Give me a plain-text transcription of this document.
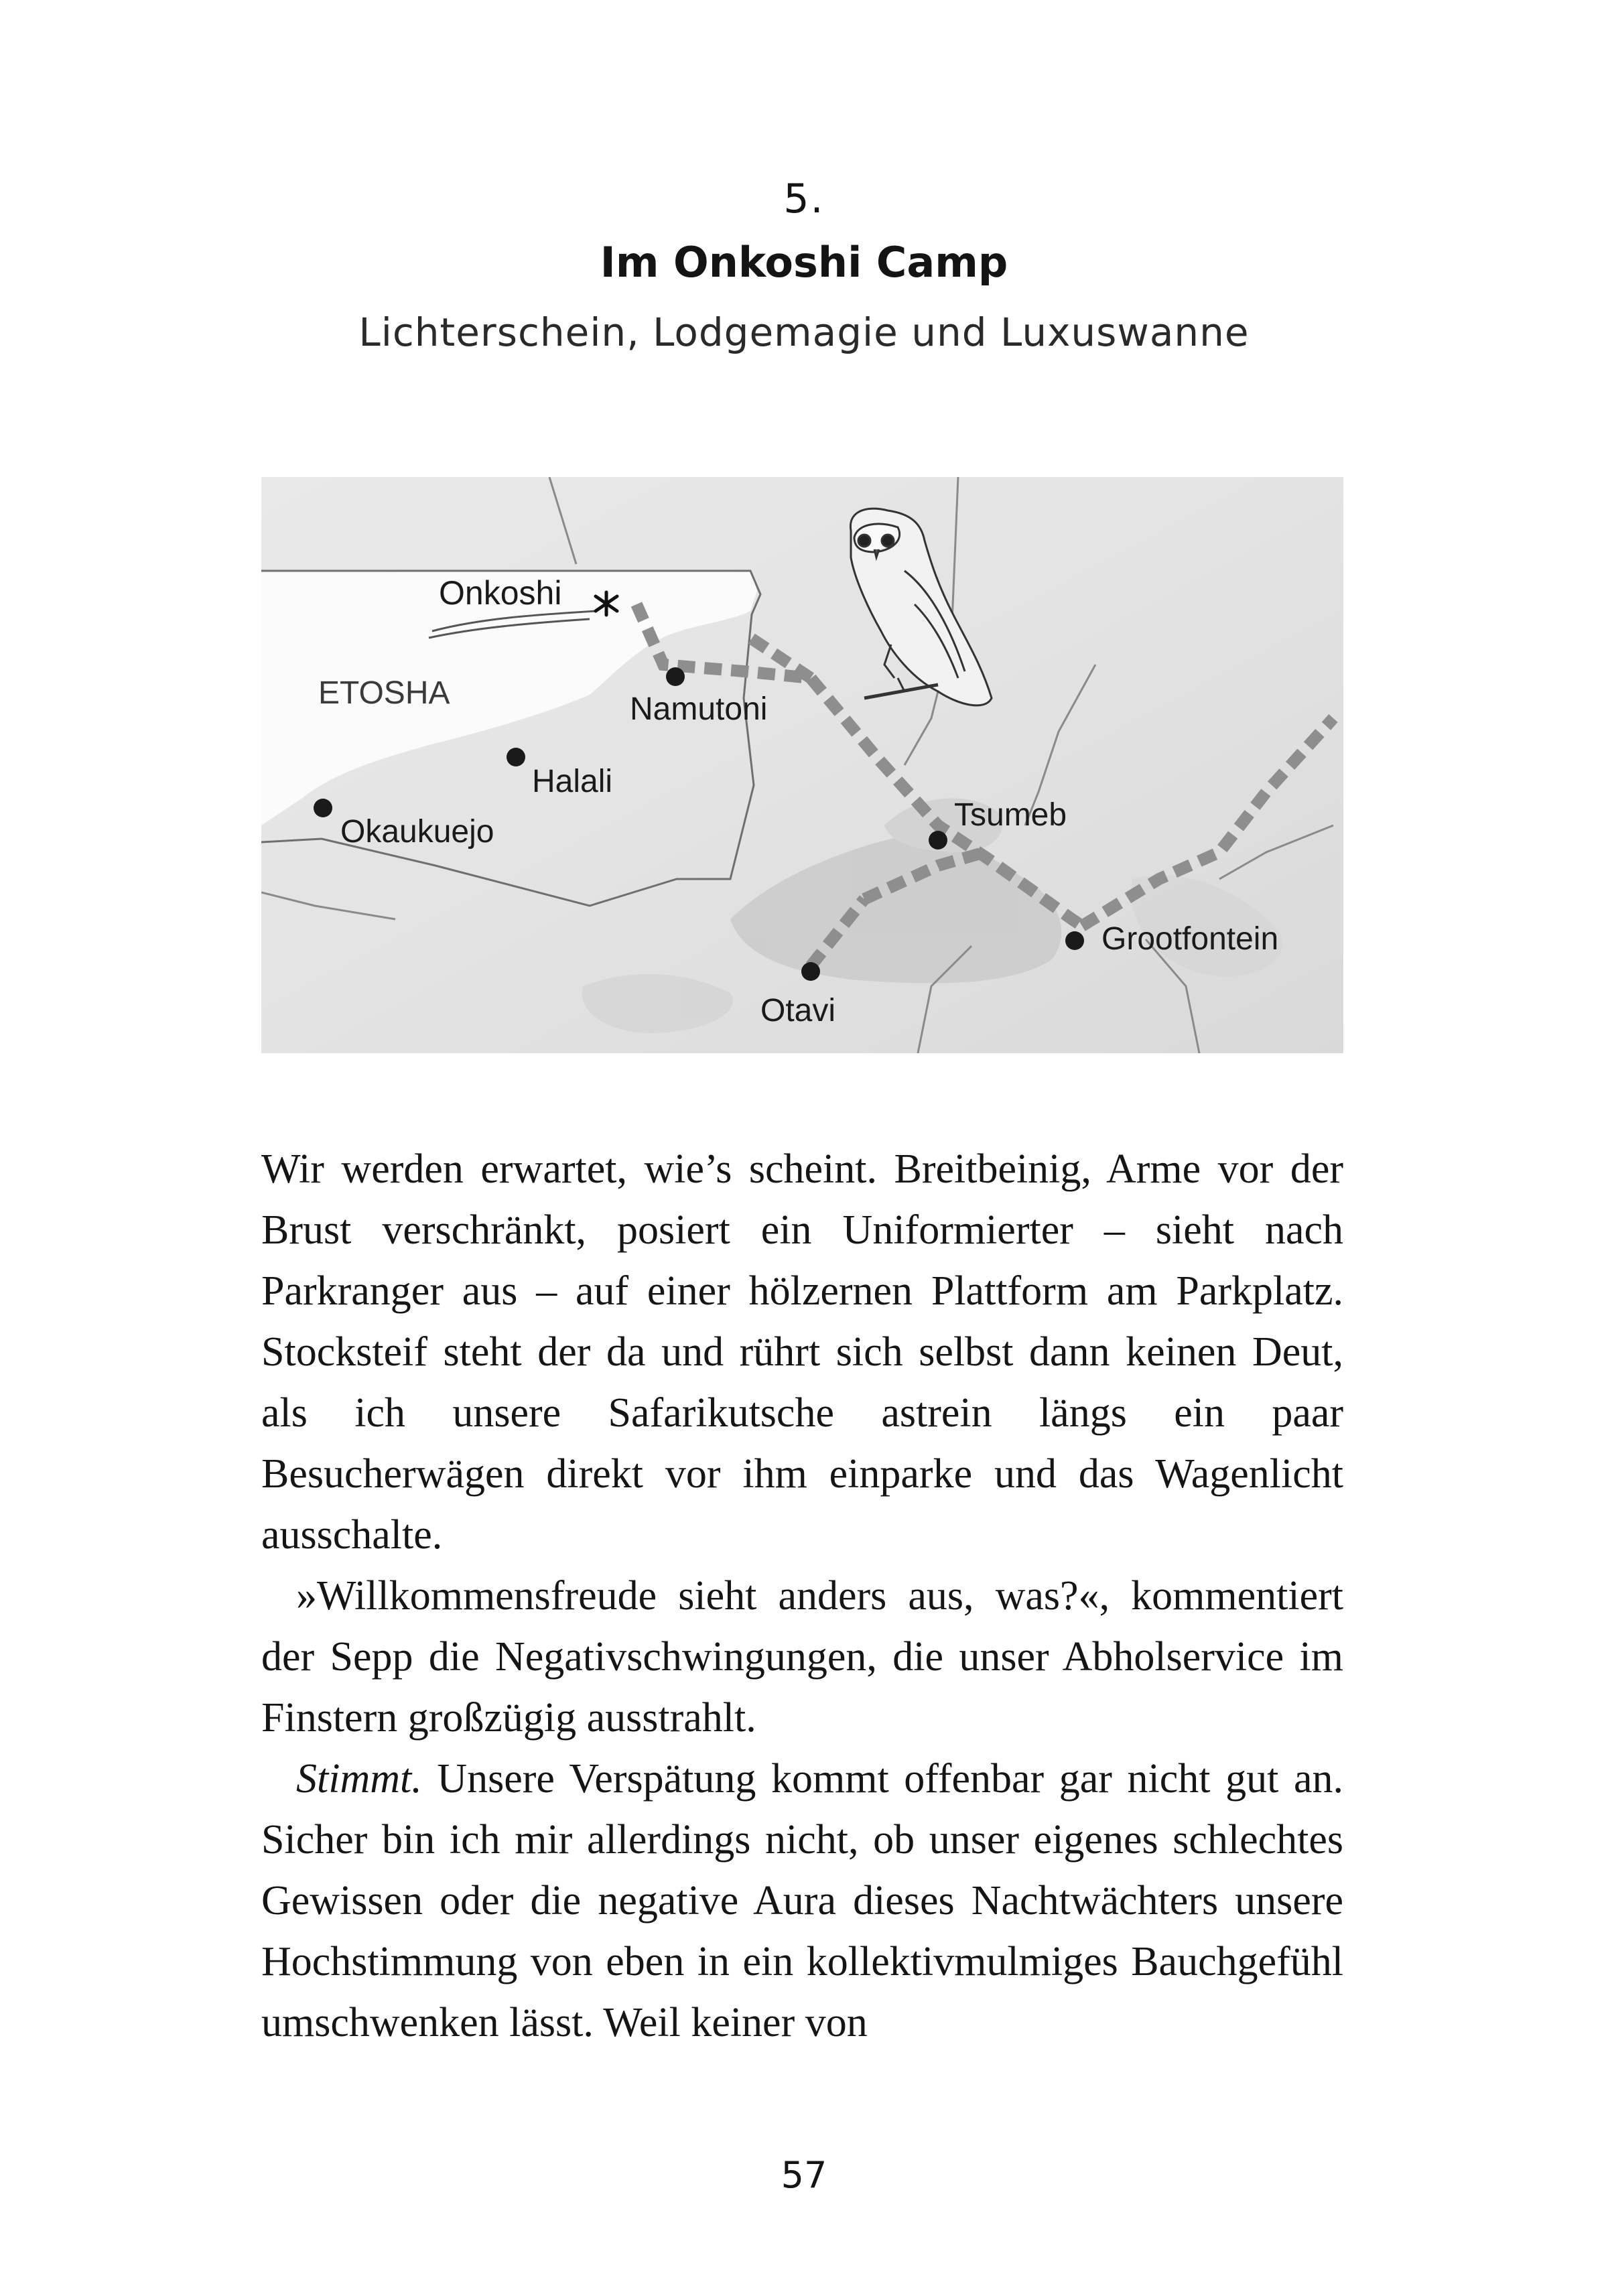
5.
Im Onkoshi Camp
Lichterschein, Lodgemagie und Luxuswanne
Onkoshi
ETOSHA	Namutoni
Halali
Okaukuejo	Tsumeb
Grootfontein
Otavi

Wir werden erwartet, wie’s scheint. Breitbeinig, Arme vor der Brust verschränkt, posiert ein Uniformierter – sieht nach Parkranger aus – auf einer hölzernen Plattform am Parkplatz. Stocksteif steht der da und rührt sich selbst dann keinen Deut, als ich unsere Safarikutsche astrein längs ein paar Besucherwägen direkt vor ihm einparke und das Wagenlicht ausschalte.

»Willkommensfreude sieht anders aus, was?«, kommentiert der Sepp die Negativschwingungen, die unser Abholservice im Finstern großzügig ausstrahlt.

Stimmt. Unsere Verspätung kommt offenbar gar nicht gut an. Sicher bin ich mir allerdings nicht, ob unser eigenes schlechtes Gewissen oder die negative Aura dieses Nachtwächters unsere Hochstimmung von eben in ein kollektivmulmiges Bauchgefühl umschwenken lässt. Weil keiner von

57
